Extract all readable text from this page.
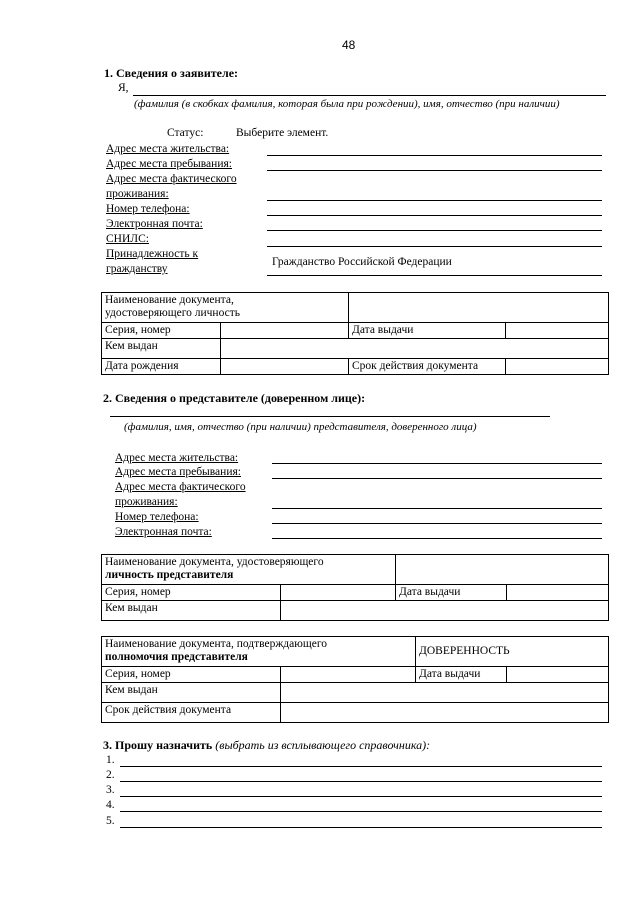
48
1. Сведения о заявителе:
Я,
(фамилия (в скобках фамилия, которая была при рождении), имя, отчество (при наличии)
Статус:	Выберите элемент.
Адрес места жительства:
Адрес места пребывания:
Адрес места фактического
проживания:
Номер телефона:
Электронная почта:
СНИЛС:
Принадлежность к
гражданству
Гражданство Российской Федерации
Наименование документа,
удостоверяющего личность			
Серия, номер		Дата выдачи	
Кем выдан			
Дата рождения		Срок действия документа	
2. Сведения о представителе (доверенном лице):
(фамилия, имя, отчество (при наличии) представителя, доверенного лица)
Адрес места жительства:
Адрес места пребывания:
Адрес места фактического
проживания:
Номер телефона:
Электронная почта:
Наименование документа, удостоверяющего
личность представителя			
Серия, номер		Дата выдачи	
Кем выдан			
Наименование документа, подтверждающего
полномочия представителя		ДОВЕРЕННОСТЬ	
Серия, номер		Дата выдачи	
Кем выдан			
Срок действия документа			
3. Прошу назначить (выбрать из всплывающего справочника):
1.
2.
3.
4.
5.
